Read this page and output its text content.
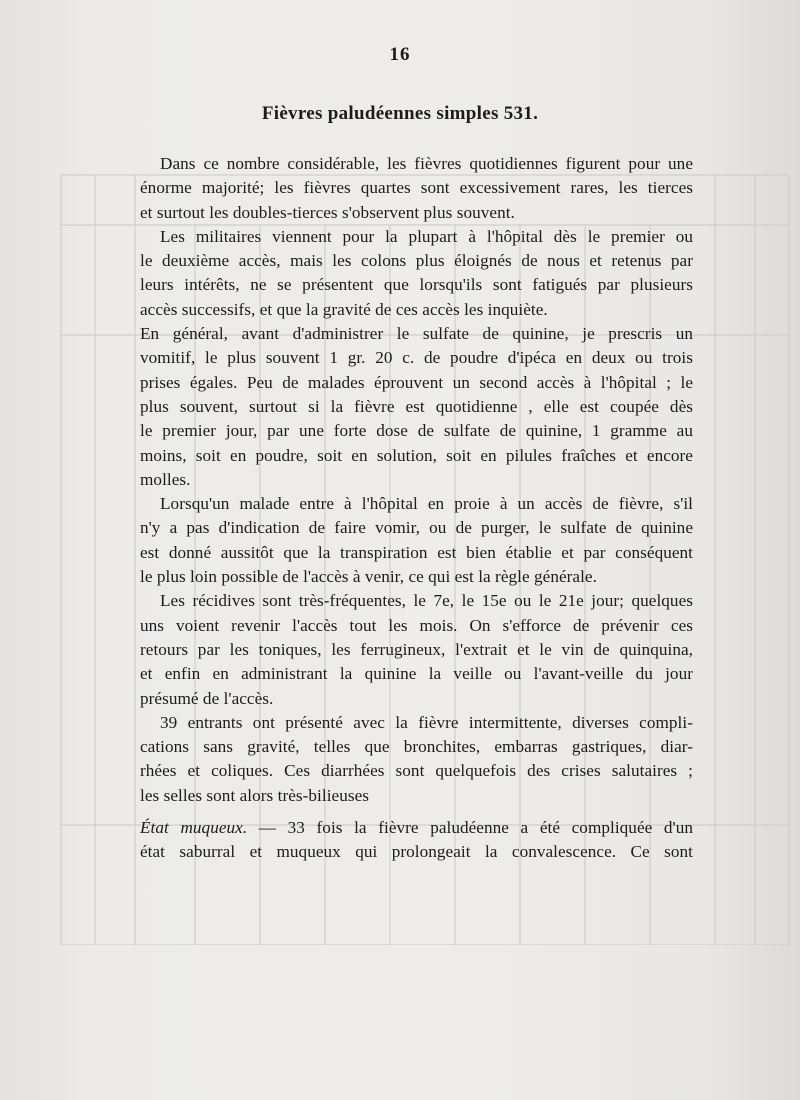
16
Fièvres paludéennes simples 531.
Dans ce nombre considérable, les fièvres quotidiennes figurent pour une
énorme majorité; les fièvres quartes sont excessivement rares, les tierces
et surtout les doubles-tierces s'observent plus souvent.
Les militaires viennent pour la plupart à l'hôpital dès le premier ou
le deuxième accès, mais les colons plus éloignés de nous et retenus par
leurs intérêts, ne se présentent que lorsqu'ils sont fatigués par plusieurs
accès successifs, et que la gravité de ces accès les inquiète.
En général, avant d'administrer le sulfate de quinine, je prescris un
vomitif, le plus souvent 1 gr. 20 c. de poudre d'ipéca en deux ou trois
prises égales. Peu de malades éprouvent un second accès à l'hôpital ; le
plus souvent, surtout si la fièvre est quotidienne , elle est coupée dès
le premier jour, par une forte dose de sulfate de quinine, 1 gramme au
moins, soit en poudre, soit en solution, soit en pilules fraîches et encore
molles.
Lorsqu'un malade entre à l'hôpital en proie à un accès de fièvre, s'il
n'y a pas d'indication de faire vomir, ou de purger, le sulfate de quinine
est donné aussitôt que la transpiration est bien établie et par conséquent
le plus loin possible de l'accès à venir, ce qui est la règle générale.
Les récidives sont très-fréquentes, le 7e, le 15e ou le 21e jour; quelques
uns voient revenir l'accès tout les mois. On s'efforce de prévenir ces
retours par les toniques, les ferrugineux, l'extrait et le vin de quinquina,
et enfin en administrant la quinine la veille ou l'avant-veille du jour
présumé de l'accès.
39 entrants ont présenté avec la fièvre intermittente, diverses compli-
cations sans gravité, telles que bronchites, embarras gastriques, diar-
rhées et coliques. Ces diarrhées sont quelquefois des crises salutaires ;
les selles sont alors très-bilieuses
État muqueux. — 33 fois la fièvre paludéenne a été compliquée d'un
état saburral et muqueux qui prolongeait la convalescence. Ce sont
